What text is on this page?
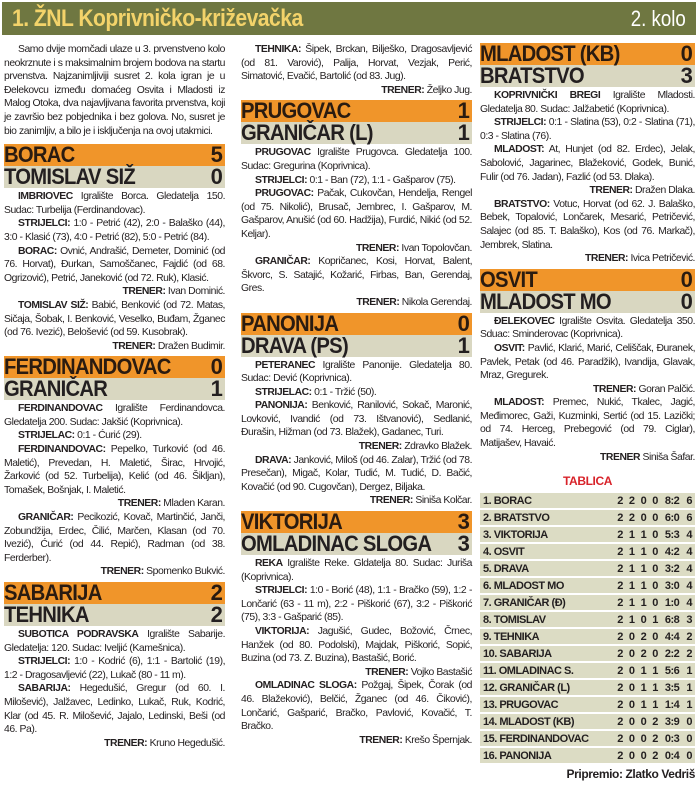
1. ŽNL Koprivničko-križevačka	2. kolo

Samo dvije momčadi ulaze u 3. prvenstveno kolo neokrznute i s maksimalnim brojem bodova na startu prvenstva. Najzanimljiviji susret 2. kola igran je u Đelekovcu između domaćeg Osvita i Mladosti iz Malog Otoka, dva najavljivana favorita prvenstva, koji je završio bez pobjednika i bez golova. No, susret je bio zanimljiv, a bilo je i isključenja na ovoj utakmici.

BORAC	5
TOMISLAV SIŽ	0

IMBRIOVEC Igralište Borca. Gledatelja 150. Sudac: Turbelija (Ferdinandovac).

STRIJELCI: 1:0 - Petrić (42), 2:0 - Balaško (44), 3:0 - Klasić (73), 4:0 - Petrić (82), 5:0 - Petrić (84).

BORAC: Ovnić, Andrašić, Demeter, Dominić (od 76. Horvat), Đurkan, Samoščanec, Fajdić (od 68. Ogrizović), Petrić, Janeković (od 72. Ruk), Klasić.

TRENER: Ivan Dominić.

TOMISLAV SIŽ: Babić, Benković (od 72. Matas, Sičaja, Šobak, I. Benković, Veselko, Buđam, Žganec (od 76. Ivezić), Belošević (od 59. Kusobrak).

TRENER: Dražen Budimir.

FERDINANDOVAC 0
GRANIČAR	1

FERDINANDOVAC Igralište Ferdinandovca. Gledatelja 200. Sudac: Jakšić (Koprivnica).

STRIJELAC: 0:1 - Ćurić (29).

FERDINANDOVAC: Pepelko, Turković (od 46. Maletić), Prevedan, H. Maletić, Širac, Hrvojić, Žarković (od 52. Turbelija), Kelić (od 46. Šikljan), Tomašek, Bošnjak, I. Maletić.

TRENER: Mladen Karan.

GRANIČAR: Pecikozić, Kovač, Martinčić, Janči, Zobundžija, Erdec, Čilić, Marčen, Klasan (od 70. Ivezić), Ćurić (od 44. Repić), Radman (od 38. Ferderber).

TRENER: Spomenko Bukvić.

SABARIJA	2
TEHNIKA	2

SUBOTICA PODRAVSKA Igralište Sabarije. Gledatelja: 120. Sudac: Iveljić (Kamešnica).

STRIJELCI: 1:0 - Kodrić (6), 1:1 - Bartolić (19), 1:2 - Dragosavljević (22), Lukač (80 - 11 m).

SABARIJA: Hegedušić, Gregur (od 60. I. Milošević), Jalžavec, Ledinko, Lukač, Ruk, Kodrić, Klar (od 45. R. Milošević, Jajalo, Ledinski, Beši (od 46. Pa).

TRENER: Kruno Hegedušić.

TEHNIKA: Šipek, Brckan, Bilješko, Dragosavljević (od 81. Varović), Palija, Horvat, Vezjak, Perić, Simatović, Evačić, Bartolić (od 83. Jug).

TRENER: Željko Jug.

PRUGOVAC	1
GRANIČAR (L)	1

PRUGOVAC Igralište Prugovca. Gledatelja 100. Sudac: Gregurina (Koprivnica).

STRIJELCI: 0:1 - Ban (72), 1:1 - Gašparov (75).

PRUGOVAC: Pačak, Cukovčan, Hendelja, Rengel (od 75. Nikolić), Brusač, Jembrec, I. Gašparov, M. Gašparov, Anušić (od 60. Hadžija), Furdić, Nikić (od 52. Keljar).

TRENER: Ivan Topolovčan.

GRANIČAR: Kopričanec, Kosi, Horvat, Balent, Škvorc, S. Satajić, Kožarić, Firbas, Ban, Gerendaj, Gres.

TRENER: Nikola Gerendaj.

PANONIJA	0
DRAVA (PS)	1

PETERANEC Igralište Panonije. Gledatelja 80. Sudac: Dević (Koprivnica).

STRIJELAC: 0:1 - Tržić (50).

PANONIJA: Benković, Ranilović, Sokač, Maronić, Lovković, Ivandić (od 73. Ištvanović), Sedlanić, Đurašin, Hižman (od 73. Blažek), Gadanec, Turi.

TRENER: Zdravko Blažek.

DRAVA: Janković, Miloš (od 46. Zalar), Tržić (od 78. Presečan), Migač, Kolar, Tudić, M. Tudić, D. Bačić, Kovačić (od 90. Cugovčan), Dergez, Biljaka.

TRENER: Siniša Kolčar.

VIKTORIJA	3
OMLADINAC SLOGA 3

REKA Igralište Reke. Gldatelja 80. Sudac: Juriša (Koprivnica).

STRIJELCI: 1:0 - Borić (48), 1:1 - Bračko (59), 1:2 - Lončarić (63 - 11 m), 2:2 - Piškorić (67), 3:2 - Piškorić (75), 3:3 - Gašparić (85).

VIKTORIJA: Jagušić, Gudec, Božović, Črnec, Hanžek (od 80. Podolski), Majdak, Piškorić, Sopić, Buzina (od 73. Z. Buzina), Bastašić, Borić.

TRENER: Vojko Bastašić

OMLADINAC SLOGA: Požgaj, Šipek, Čorak (od 46. Blažeković), Belčić, Žganec (od 46. Čiković), Lončarić, Gašparić, Bračko, Pavlović, Kovačić, T. Bračko.

TRENER: Krešo Špernjak.

MLADOST (KB)	0
BRATSTVO	3

KOPRIVNIČKI BREGI Igralište Mladosti. Gledatelja 80. Sudac: Jalžabetić (Koprivnica).

STRIJELCI: 0:1 - Slatina (53), 0:2 - Slatina (71), 0:3 - Slatina (76).

MLADOST: At, Hunjet (od 82. Erdec), Jelak, Sabolović, Jagarinec, Blažeković, Godek, Bunić, Fulir (od 76. Jadan), Fazlić (od 53. Dlaka).

TRENER: Dražen Dlaka.

BRATSTVO: Votuc, Horvat (od 62. J. Balaško, Bebek, Topalović, Lončarek, Mesarić, Petričević, Salajec (od 85. T. Balaško), Kos (od 76. Markač), Jembrek, Slatina.

TRENER: Ivica Petričević.

OSVIT	0
MLADOST MO	0

ĐELEKOVEC Igralište Osvita. Gledatelja 350. Sduac: Sminderovac (Koprivnica).

OSVIT: Pavlić, Klarić, Marić, Celiščak, Đuranek, Pavlek, Petak (od 46. Paradžik), Ivandija, Glavak, Mraz, Gregurek.

TRENER: Goran Palčić.

MLADOST: Premec, Nukić, Tkalec, Jagić, Međimorec, Gaži, Kuzminki, Sertić (od 15. Lazički; od 74. Herceg, Prebegović (od 79. Ciglar), Matijašev, Havaić.

TRENER Siniša Šafar.

TABLICA
1. BORAC	2	2	0	0	8:2	6
2. BRATSTVO	2	2	0	0	6:0	6
3. VIKTORIJA	2	1	1	0	5:3	4
4. OSVIT	2	1	1	0	4:2	4
5. DRAVA	2	1	1	0	3:2	4
6. MLADOST MO	2	1	1	0	3:0	4
7. GRANIČAR (Đ)	2	1	1	0	1:0	4
8. TOMISLAV	2	1	0	1	6:8	3
9. TEHNIKA	2	0	2	0	4:4	2
10. SABARIJA	2	0	2	0	2:2	2
11. OMLADINAC S.	2	0	1	1	5:6	1
12. GRANIČAR (L)	2	0	1	1	3:5	1
13. PRUGOVAC	2	0	1	1	1:4	1
14. MLADOST (KB)	2	0	0	2	3:9	0
15. FERDINANDOVAC	2	0	0	2	0:3	0
16. PANONIJA	2	0	0	2	0:4	0
Pripremio: Zlatko Vedriš
